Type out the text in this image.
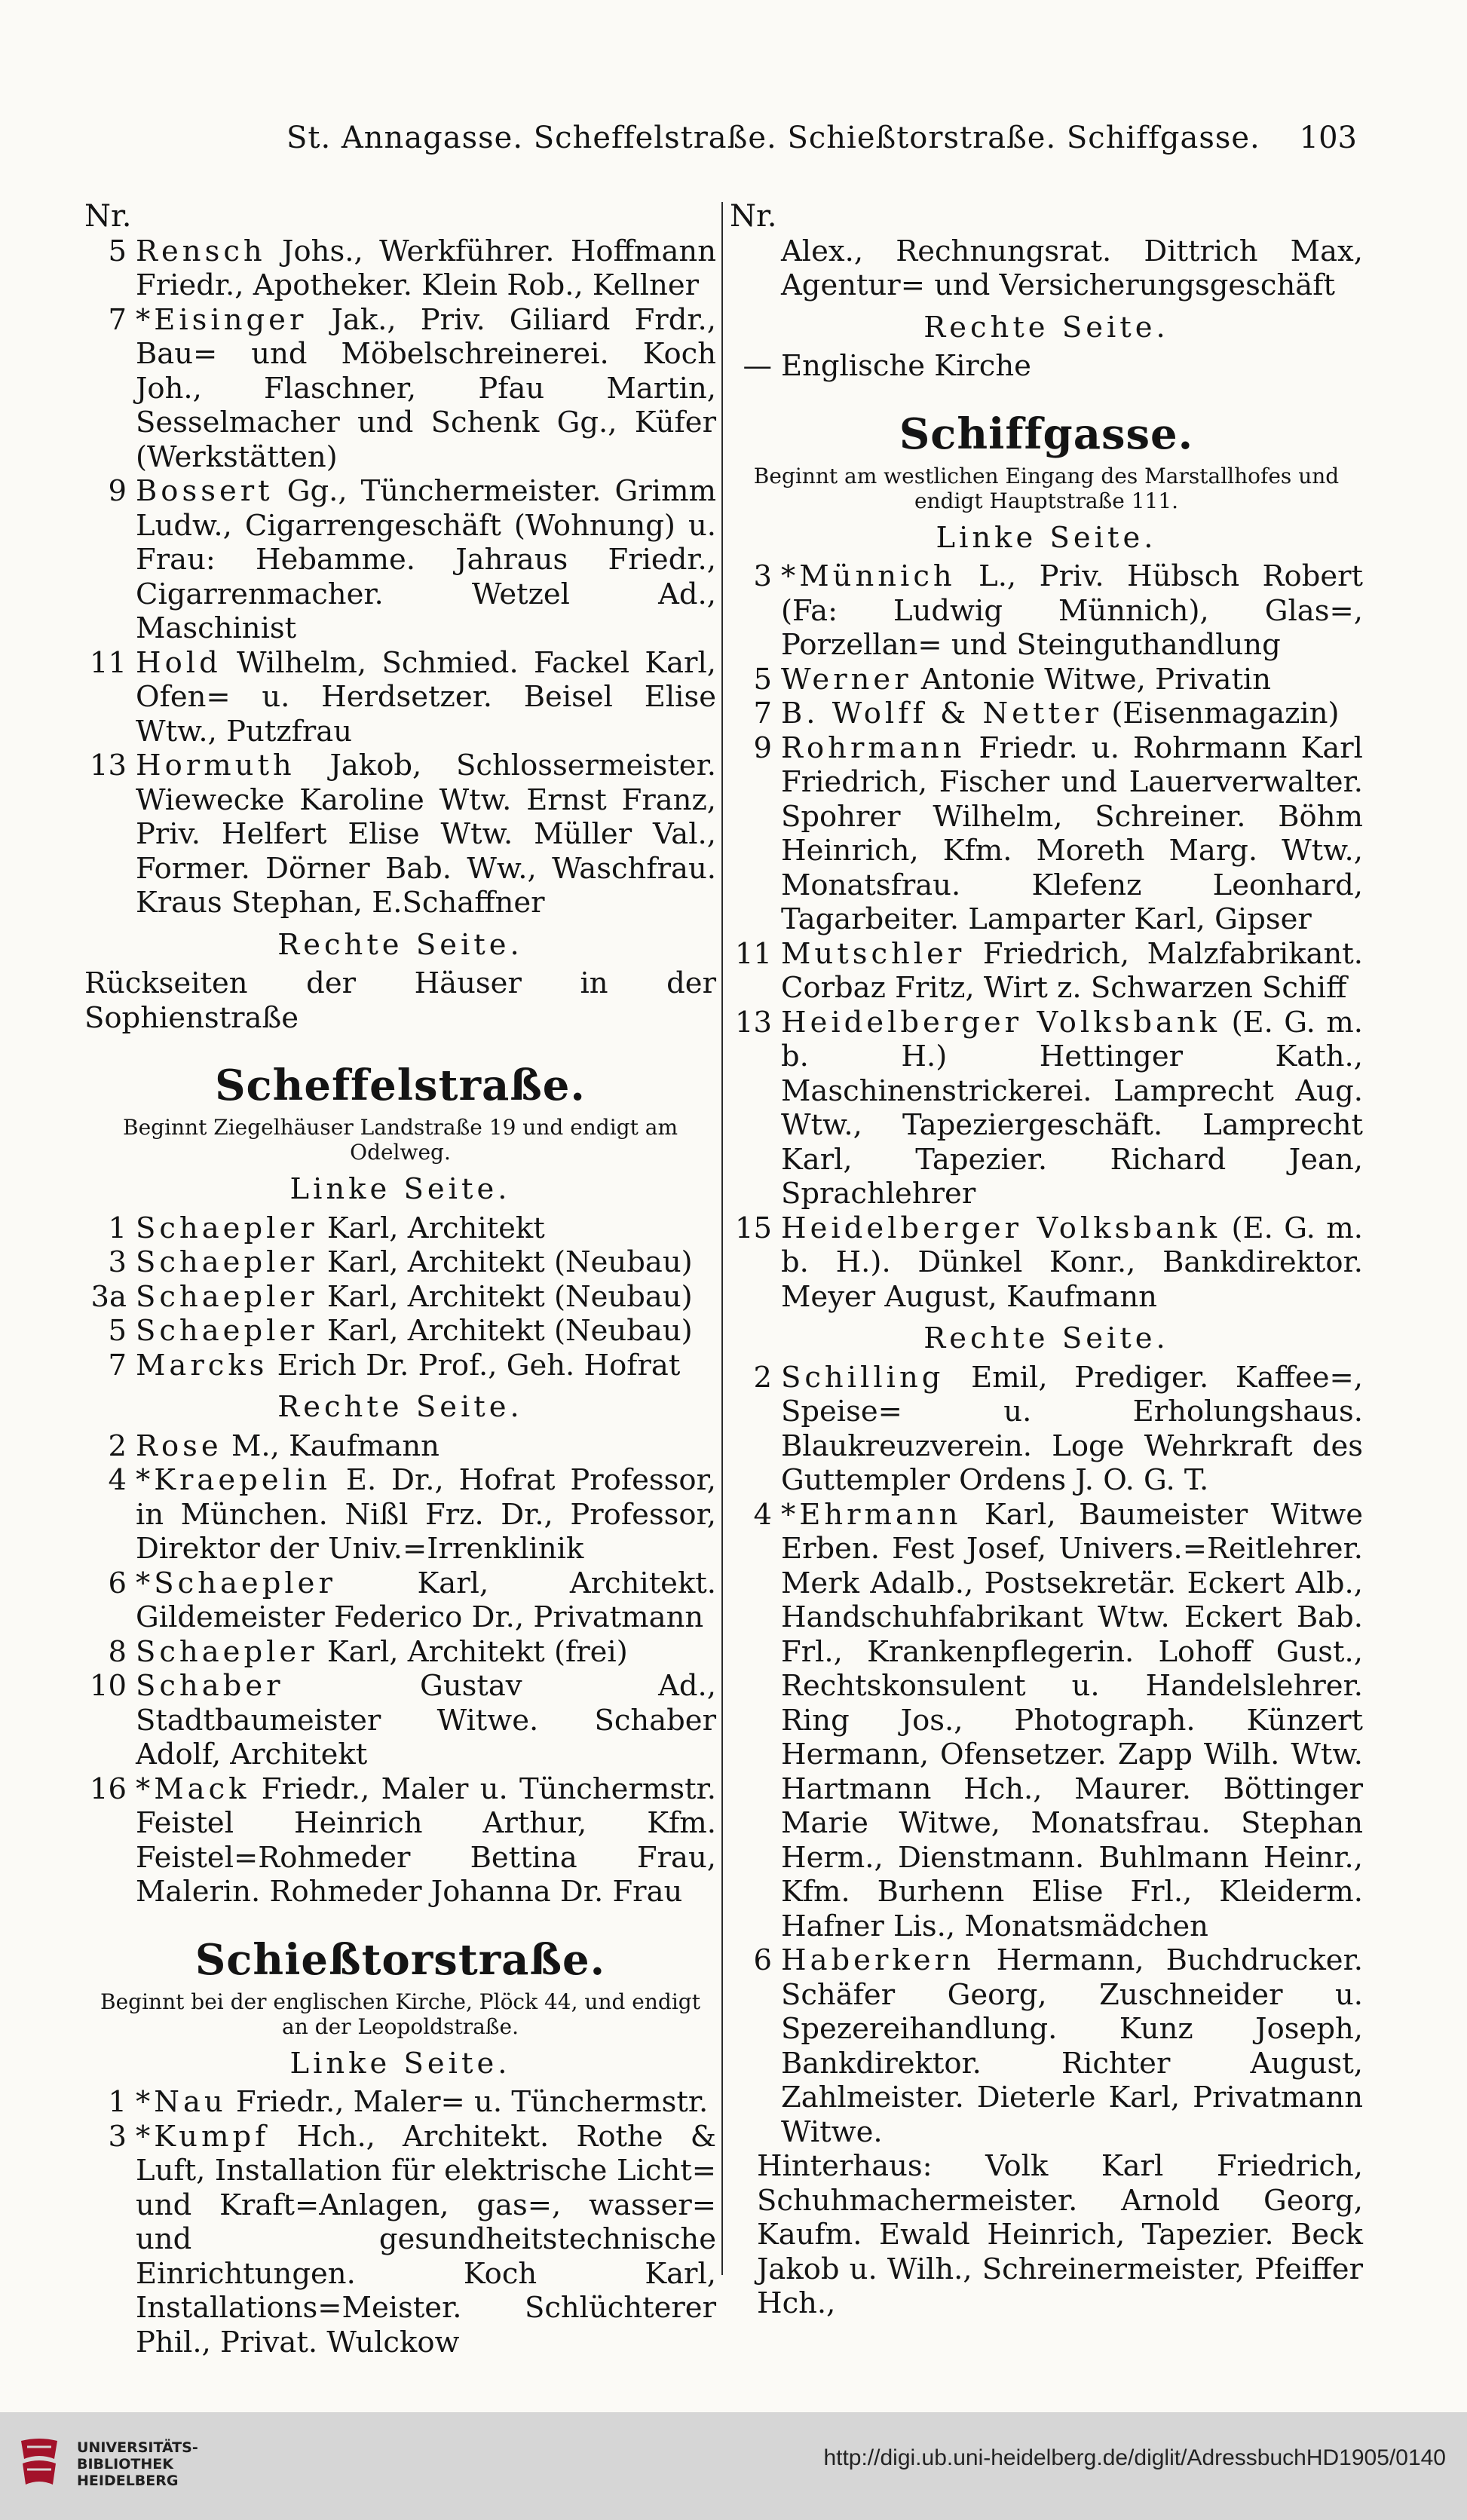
St. Annagasse. Scheffelstraße. Schießtorstraße. Schiffgasse. 103
Nr.
5 Rensch Johs., Werkführer. Hoffmann Friedr., Apotheker. Klein Rob., Kellner
7 *Eisinger Jak., Priv. Giliard Frdr., Bau= und Möbelschreinerei. Koch Joh., Flaschner, Pfau Martin, Sesselmacher und Schenk Gg., Küfer (Werkstätten)
9 Bossert Gg., Tünchermeister. Grimm Ludw., Cigarrengeschäft (Wohnung) u. Frau: Hebamme. Jahraus Friedr., Cigarrenmacher. Wetzel Ad., Maschinist
11 Hold Wilhelm, Schmied. Fackel Karl, Ofen= u. Herdsetzer. Beisel Elise Wtw., Putzfrau
13 Hormuth Jakob, Schlossermeister. Wiewecke Karoline Wtw. Ernst Franz, Priv. Helfert Elise Wtw. Müller Val., Former. Dörner Bab. Ww., Waschfrau. Kraus Stephan, E.Schaffner
Rechte Seite.
Rückseiten der Häuser in der Sophienstraße
Scheffelstraße.
Beginnt Ziegelhäuser Landstraße 19 und endigt am Odelweg.
Linke Seite.
1 Schaepler Karl, Architekt
3 Schaepler Karl, Architekt (Neubau)
3a Schaepler Karl, Architekt (Neubau)
5 Schaepler Karl, Architekt (Neubau)
7 Marcks Erich Dr. Prof., Geh. Hofrat
Rechte Seite.
2 Rose M., Kaufmann
4 *Kraepelin E. Dr., Hofrat Professor, in München. Nißl Frz. Dr., Professor, Direktor der Univ.=Irrenklinik
6 *Schaepler Karl, Architekt. Gildemeister Federico Dr., Privatmann
8 Schaepler Karl, Architekt (frei)
10 Schaber Gustav Ad., Stadtbaumeister Witwe. Schaber Adolf, Architekt
16 *Mack Friedr., Maler u. Tünchermstr. Feistel Heinrich Arthur, Kfm. Feistel=Rohmeder Bettina Frau, Malerin. Rohmeder Johanna Dr. Frau
Schießtorstraße.
Beginnt bei der englischen Kirche, Plöck 44, und endigt an der Leopoldstraße.
Linke Seite.
1 *Nau Friedr., Maler= u. Tünchermstr.
3 *Kumpf Hch., Architekt. Rothe & Luft, Installation für elektrische Licht= und Kraft=Anlagen, gas=, wasser= und gesundheitstechnische Einrichtungen. Koch Karl, Installations=Meister. Schlüchterer Phil., Privat. Wulckow
Nr.
Alex., Rechnungsrat. Dittrich Max, Agentur= und Versicherungsgeschäft
Rechte Seite.
— Englische Kirche
Schiffgasse.
Beginnt am westlichen Eingang des Marstallhofes und endigt Hauptstraße 111.
Linke Seite.
3 *Münnich L., Priv. Hübsch Robert (Fa: Ludwig Münnich), Glas=, Porzellan= und Steinguthandlung
5 Werner Antonie Witwe, Privatin
7 B. Wolff & Netter (Eisenmagazin)
9 Rohrmann Friedr. u. Rohrmann Karl Friedrich, Fischer und Lauerverwalter. Spohrer Wilhelm, Schreiner. Böhm Heinrich, Kfm. Moreth Marg. Wtw., Monatsfrau. Klefenz Leonhard, Tagarbeiter. Lamparter Karl, Gipser
11 Mutschler Friedrich, Malzfabrikant. Corbaz Fritz, Wirt z. Schwarzen Schiff
13 Heidelberger Volksbank (E. G. m. b. H.) Hettinger Kath., Maschinenstrickerei. Lamprecht Aug. Wtw., Tapeziergeschäft. Lamprecht Karl, Tapezier. Richard Jean, Sprachlehrer
15 Heidelberger Volksbank (E. G. m. b. H.). Dünkel Konr., Bankdirektor. Meyer August, Kaufmann
Rechte Seite.
2 Schilling Emil, Prediger. Kaffee=, Speise= u. Erholungshaus. Blaukreuzverein. Loge Wehrkraft des Guttempler Ordens J. O. G. T.
4 *Ehrmann Karl, Baumeister Witwe Erben. Fest Josef, Univers.=Reitlehrer. Merk Adalb., Postsekretär. Eckert Alb., Handschuhfabrikant Wtw. Eckert Bab. Frl., Krankenpflegerin. Lohoff Gust., Rechtskonsulent u. Handelslehrer. Ring Jos., Photograph. Künzert Hermann, Ofensetzer. Zapp Wilh. Wtw. Hartmann Hch., Maurer. Böttinger Marie Witwe, Monatsfrau. Stephan Herm., Dienstmann. Buhlmann Heinr., Kfm. Burhenn Elise Frl., Kleiderm. Hafner Lis., Monatsmädchen
6 Haberkern Hermann, Buchdrucker. Schäfer Georg, Zuschneider u. Spezereihandlung. Kunz Joseph, Bankdirektor. Richter August, Zahlmeister. Dieterle Karl, Privatmann Witwe.
Hinterhaus: Volk Karl Friedrich, Schuhmachermeister. Arnold Georg, Kaufm. Ewald Heinrich, Tapezier. Beck Jakob u. Wilh., Schreinermeister, Pfeiffer Hch.,
UNIVERSITÄTS-
BIBLIOTHEK
HEIDELBERG
http://digi.ub.uni-heidelberg.de/diglit/AdressbuchHD1905/0140
